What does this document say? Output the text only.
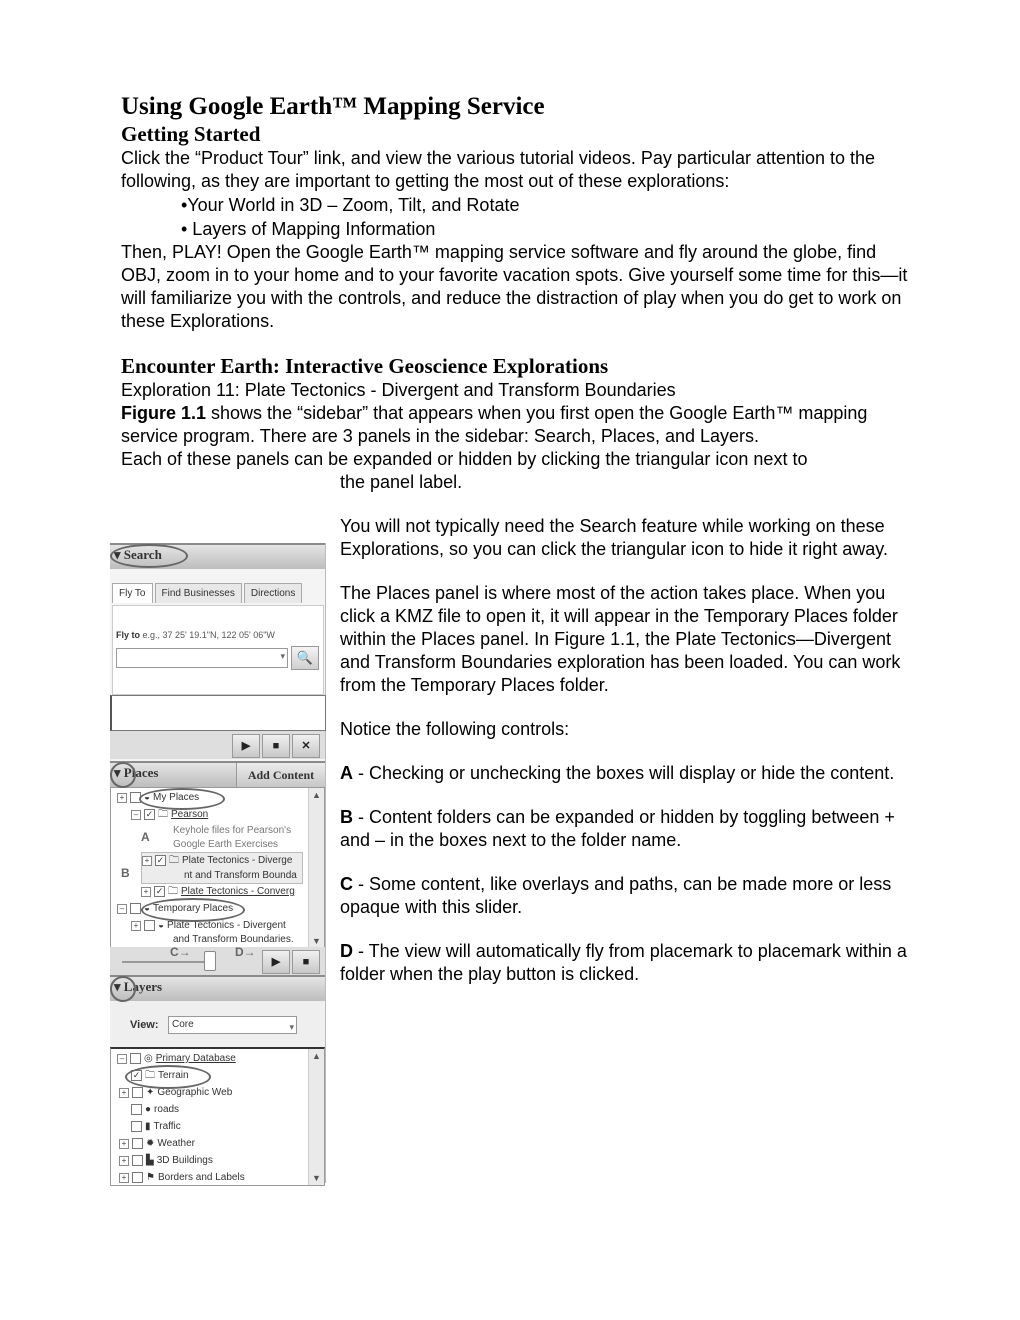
Using Google Earth™ Mapping Service
Getting Started

Click the “Product Tour” link, and view the various tutorial videos. Pay particular attention to the following, as they are important to getting the most out of these explorations:

•Your World in 3D – Zoom, Tilt, and Rotate

• Layers of Mapping Information

Then, PLAY! Open the Google Earth™ mapping service software and fly around the globe, find OBJ, zoom in to your home and to your favorite vacation spots. Give yourself some time for this—it will familiarize you with the controls, and reduce the distraction of play when you do get to work on these Explorations.

Encounter Earth: Interactive Geoscience Explorations

Exploration 11: Plate Tectonics - Divergent and Transform Boundaries

Figure 1.1 shows the “sidebar” that appears when you first open the Google Earth™ mapping service program. There are 3 panels in the sidebar: Search, Places, and Layers.

Each of these panels can be expanded or hidden by clicking the triangular icon next to

the panel label.

You will not typically need the Search feature while working on these Explorations, so you can click the triangular icon to hide it right away.

The Places panel is where most of the action takes place. When you click a KMZ file to open it, it will appear in the Temporary Places folder within the Places panel. In Figure 1.1, the Plate Tectonics—Divergent and Transform Boundaries exploration has been loaded. You can work from the Temporary Places folder.

Notice the following controls:

A - Checking or unchecking the boxes will display or hide the content.

B - Content folders can be expanded or hidden by toggling between + and – in the boxes next to the folder name.

C - Some content, like overlays and paths, can be made more or less opaque with this slider.

D - The view will automatically fly from placemark to placemark within a folder when the play button is clicked.

▾ Search
Fly To	Find Businesses	Directions
Fly to e.g., 37 25' 19.1"N, 122 05' 06"W
▾ 🔍
▶	■	✕
▾ Places	Add Content
▲
▼
+ ◒ My Places
– ✓ 🗀 Pearson
Keyhole files for Pearson's
Google Earth Exercises
+ ✓ 🗀 Plate Tectonics - Diverge
nt and Transform Bounda
+ ✓ 🗀 Plate Tectonics - Converg
– ◒ Temporary Places
+ ◒ Plate Tectonics - Divergent
and Transform Boundaries.
A
B
C→	D→
▶	■
▾ Layers
View:	Core	▾
▲
▼
– ◎ Primary Database
✓ 🗀 Terrain
+ ✦ Geographic Web
● roads
▮ Traffic
+ ✹ Weather
+ ▙ 3D Buildings
+ ⚑ Borders and Labels
